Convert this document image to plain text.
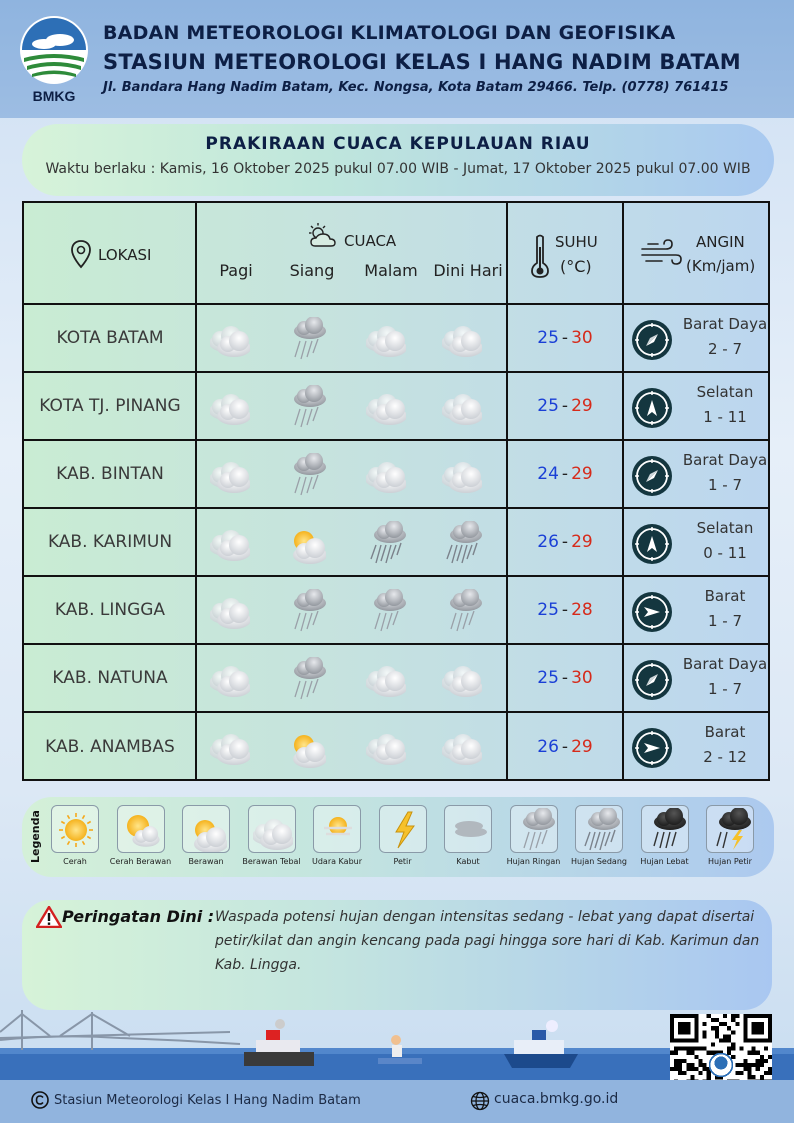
BMKG
BADAN METEOROLOGI KLIMATOLOGI DAN GEOFISIKA
STASIUN METEOROLOGI KELAS I HANG NADIM BATAM
Jl. Bandara Hang Nadim Batam, Kec. Nongsa, Kota Batam 29466. Telp. (0778) 761415
PRAKIRAAN CUACA KEPULAUAN RIAU
Waktu berlaku : Kamis, 16 Oktober 2025 pukul 07.00 WIB - Jumat, 17 Oktober 2025 pukul 07.00 WIB
LOKASI
CUACA
Pagi	Siang	Malam Dini Hari
SUHU
(°C)
ANGIN
(Km/jam)
KOTA BATAM	25 - 30
Barat Daya
2 - 7
KOTA TJ. PINANG	25 - 29
Selatan
1 - 11
KAB. BINTAN	24 - 29
Barat Daya
1 - 7
KAB. KARIMUN	26 - 29
Selatan
0 - 11
KAB. LINGGA	25 - 28
Barat
1 - 7
KAB. NATUNA	25 - 30
Barat Daya
1 - 7
KAB. ANAMBAS	26 - 29
Barat
2 - 12
Legenda	Cerah	Cerah Berawan	Berawan	Berawan Tebal	Udara Kabur	Petir	Kabut	Hujan Ringan	Hujan Sedang	Hujan Lebat	Hujan Petir
Peringatan Dini : Waspada potensi hujan dengan intensitas sedang - lebat yang dapat disertai petir/kilat dan angin kencang pada pagi hingga sore hari di Kab. Karimun dan Kab. Lingga.
Stasiun Meteorologi Kelas I Hang Nadim Batam	cuaca.bmkg.go.id
